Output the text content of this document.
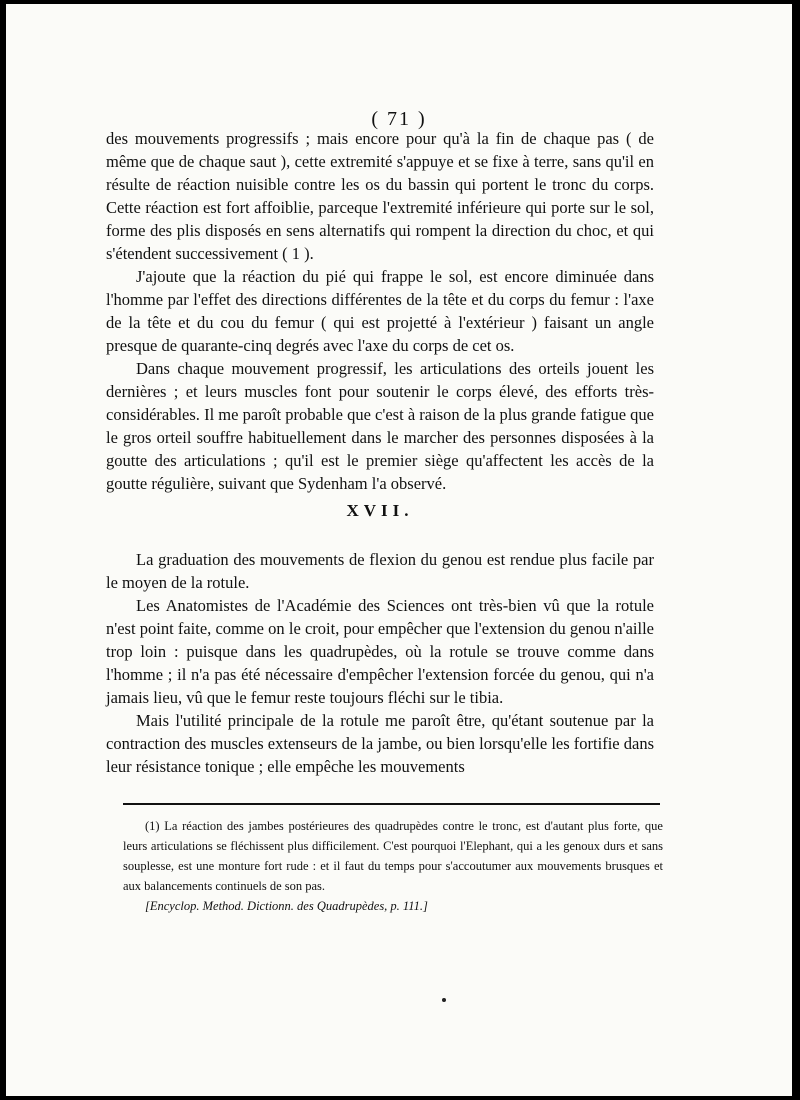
( 71 )

des mouvements progressifs ; mais encore pour qu'à la fin de chaque pas ( de même que de chaque saut ), cette extremité s'appuye et se fixe à terre, sans qu'il en résulte de réaction nuisible contre les os du bassin qui portent le tronc du corps. Cette réaction est fort affoiblie, parceque l'extremité inférieure qui porte sur le sol, forme des plis disposés en sens alternatifs qui rompent la direction du choc, et qui s'étendent successivement ( 1 ).

J'ajoute que la réaction du pié qui frappe le sol, est encore diminuée dans l'homme par l'effet des directions différentes de la tête et du corps du femur : l'axe de la tête et du cou du femur ( qui est projetté à l'extérieur ) faisant un angle presque de quarante-cinq degrés avec l'axe du corps de cet os.

Dans chaque mouvement progressif, les articulations des orteils jouent les dernières ; et leurs muscles font pour soutenir le corps élevé, des efforts très-considérables. Il me paroît probable que c'est à raison de la plus grande fatigue que le gros orteil souffre habituellement dans le marcher des personnes disposées à la goutte des articulations ; qu'il est le premier siège qu'affectent les accès de la goutte régulière, suivant que Sydenham l'a observé.

XVII.

La graduation des mouvements de flexion du genou est rendue plus facile par le moyen de la rotule.

Les Anatomistes de l'Académie des Sciences ont très-bien vû que la rotule n'est point faite, comme on le croit, pour empêcher que l'extension du genou n'aille trop loin : puisque dans les quadrupèdes, où la rotule se trouve comme dans l'homme ; il n'a pas été nécessaire d'empêcher l'extension forcée du genou, qui n'a jamais lieu, vû que le femur reste toujours fléchi sur le tibia.

Mais l'utilité principale de la rotule me paroît être, qu'étant soutenue par la contraction des muscles extenseurs de la jambe, ou bien lorsqu'elle les fortifie dans leur résistance tonique ; elle empêche les mouvements

(1) La réaction des jambes postérieures des quadrupèdes contre le tronc, est d'autant plus forte, que leurs articulations se fléchissent plus difficilement. C'est pourquoi l'Elephant, qui a les genoux durs et sans souplesse, est une monture fort rude : et il faut du temps pour s'accoutumer aux mouvements brusques et aux balancements continuels de son pas.

[Encyclop. Method. Dictionn. des Quadrupèdes, p. 111.]
